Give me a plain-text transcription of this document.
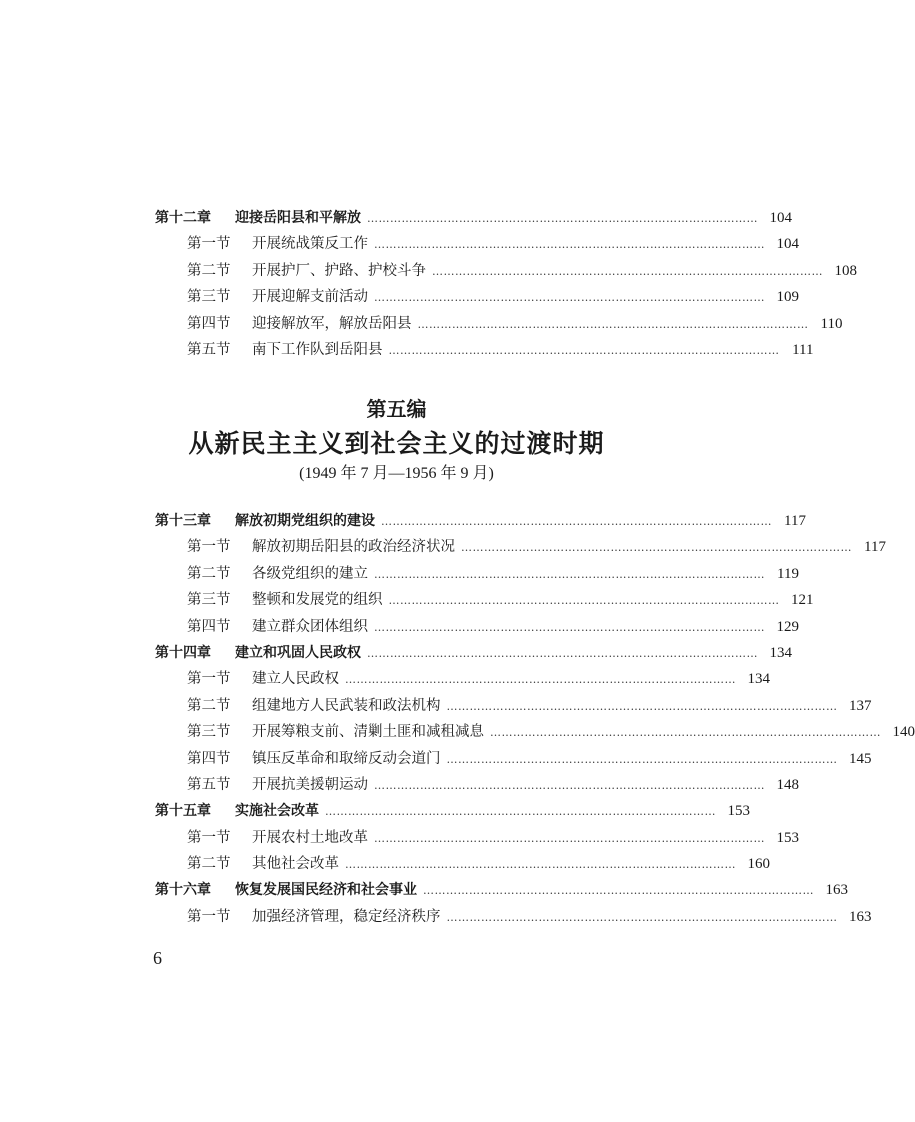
第十二章	迎接岳阳县和平解放 ………………………………………………………………………………………… 104
第一节	开展统战策反工作 ………………………………………………………………………………………… 104
第二节	开展护厂、护路、护校斗争 ………………………………………………………………………………………… 108
第三节	开展迎解支前活动 ………………………………………………………………………………………… 109
第四节	迎接解放军，解放岳阳县 ………………………………………………………………………………………… 110
第五节	南下工作队到岳阳县 ………………………………………………………………………………………… 111
第五编
从新民主主义到社会主义的过渡时期
(1949 年 7 月—1956 年 9 月)
第十三章	解放初期党组织的建设 ………………………………………………………………………………………… 117
第一节	解放初期岳阳县的政治经济状况 ………………………………………………………………………………………… 117
第二节	各级党组织的建立 ………………………………………………………………………………………… 119
第三节	整顿和发展党的组织 ………………………………………………………………………………………… 121
第四节	建立群众团体组织 ………………………………………………………………………………………… 129
第十四章	建立和巩固人民政权 ………………………………………………………………………………………… 134
第一节	建立人民政权 ………………………………………………………………………………………… 134
第二节	组建地方人民武装和政法机构 ………………………………………………………………………………………… 137
第三节	开展筹粮支前、清剿土匪和减租减息 ………………………………………………………………………………………… 140
第四节	镇压反革命和取缔反动会道门 ………………………………………………………………………………………… 145
第五节	开展抗美援朝运动 ………………………………………………………………………………………… 148
第十五章	实施社会改革 ………………………………………………………………………………………… 153
第一节	开展农村土地改革 ………………………………………………………………………………………… 153
第二节	其他社会改革 ………………………………………………………………………………………… 160
第十六章	恢复发展国民经济和社会事业 ………………………………………………………………………………………… 163
第一节	加强经济管理，稳定经济秩序 ………………………………………………………………………………………… 163
6
